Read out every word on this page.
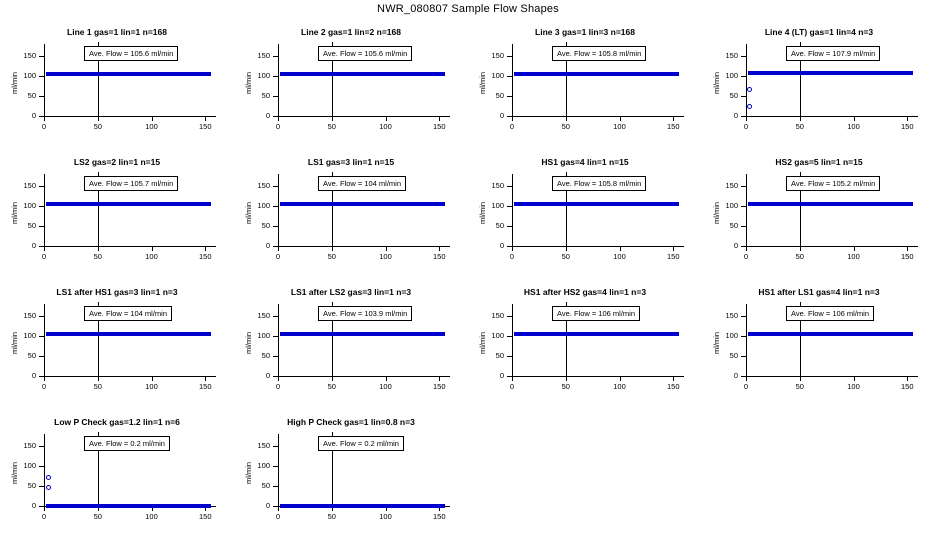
NWR_080807 Sample Flow Shapes
Line 1 gas=1 lin=1 n=168
0
50
100
150
0	50	100	150
ml/min
Ave. Flow = 105.6 ml/min
Line 2 gas=1 lin=2 n=168
0
50
100
150
0	50	100	150
ml/min
Ave. Flow = 105.6 ml/min
Line 3 gas=1 lin=3 n=168
0
50
100
150
0	50	100	150
ml/min
Ave. Flow = 105.8 ml/min
Line 4 (LT) gas=1 lin=4 n=3
0
50
100
150
0	50	100	150
ml/min
Ave. Flow = 107.9 ml/min
LS2 gas=2 lin=1 n=15
0
50
100
150
0	50	100	150
ml/min
Ave. Flow = 105.7 ml/min
LS1 gas=3 lin=1 n=15
0
50
100
150
0	50	100	150
ml/min
Ave. Flow = 104 ml/min
HS1 gas=4 lin=1 n=15
0
50
100
150
0	50	100	150
ml/min
Ave. Flow = 105.8 ml/min
HS2 gas=5 lin=1 n=15
0
50
100
150
0	50	100	150
ml/min
Ave. Flow = 105.2 ml/min
LS1 after HS1 gas=3 lin=1 n=3
0
50
100
150
0	50	100	150
ml/min
Ave. Flow = 104 ml/min
LS1 after LS2 gas=3 lin=1 n=3
0
50
100
150
0	50	100	150
ml/min
Ave. Flow = 103.9 ml/min
HS1 after HS2 gas=4 lin=1 n=3
0
50
100
150
0	50	100	150
ml/min
Ave. Flow = 106 ml/min
HS1 after LS1 gas=4 lin=1 n=3
0
50
100
150
0	50	100	150
ml/min
Ave. Flow = 106 ml/min
Low P Check gas=1.2 lin=1 n=6
0
50
100
150
0	50	100	150
ml/min
Ave. Flow = 0.2 ml/min
High P Check gas=1 lin=0.8 n=3
0
50
100
150
0	50	100	150
ml/min
Ave. Flow = 0.2 ml/min
